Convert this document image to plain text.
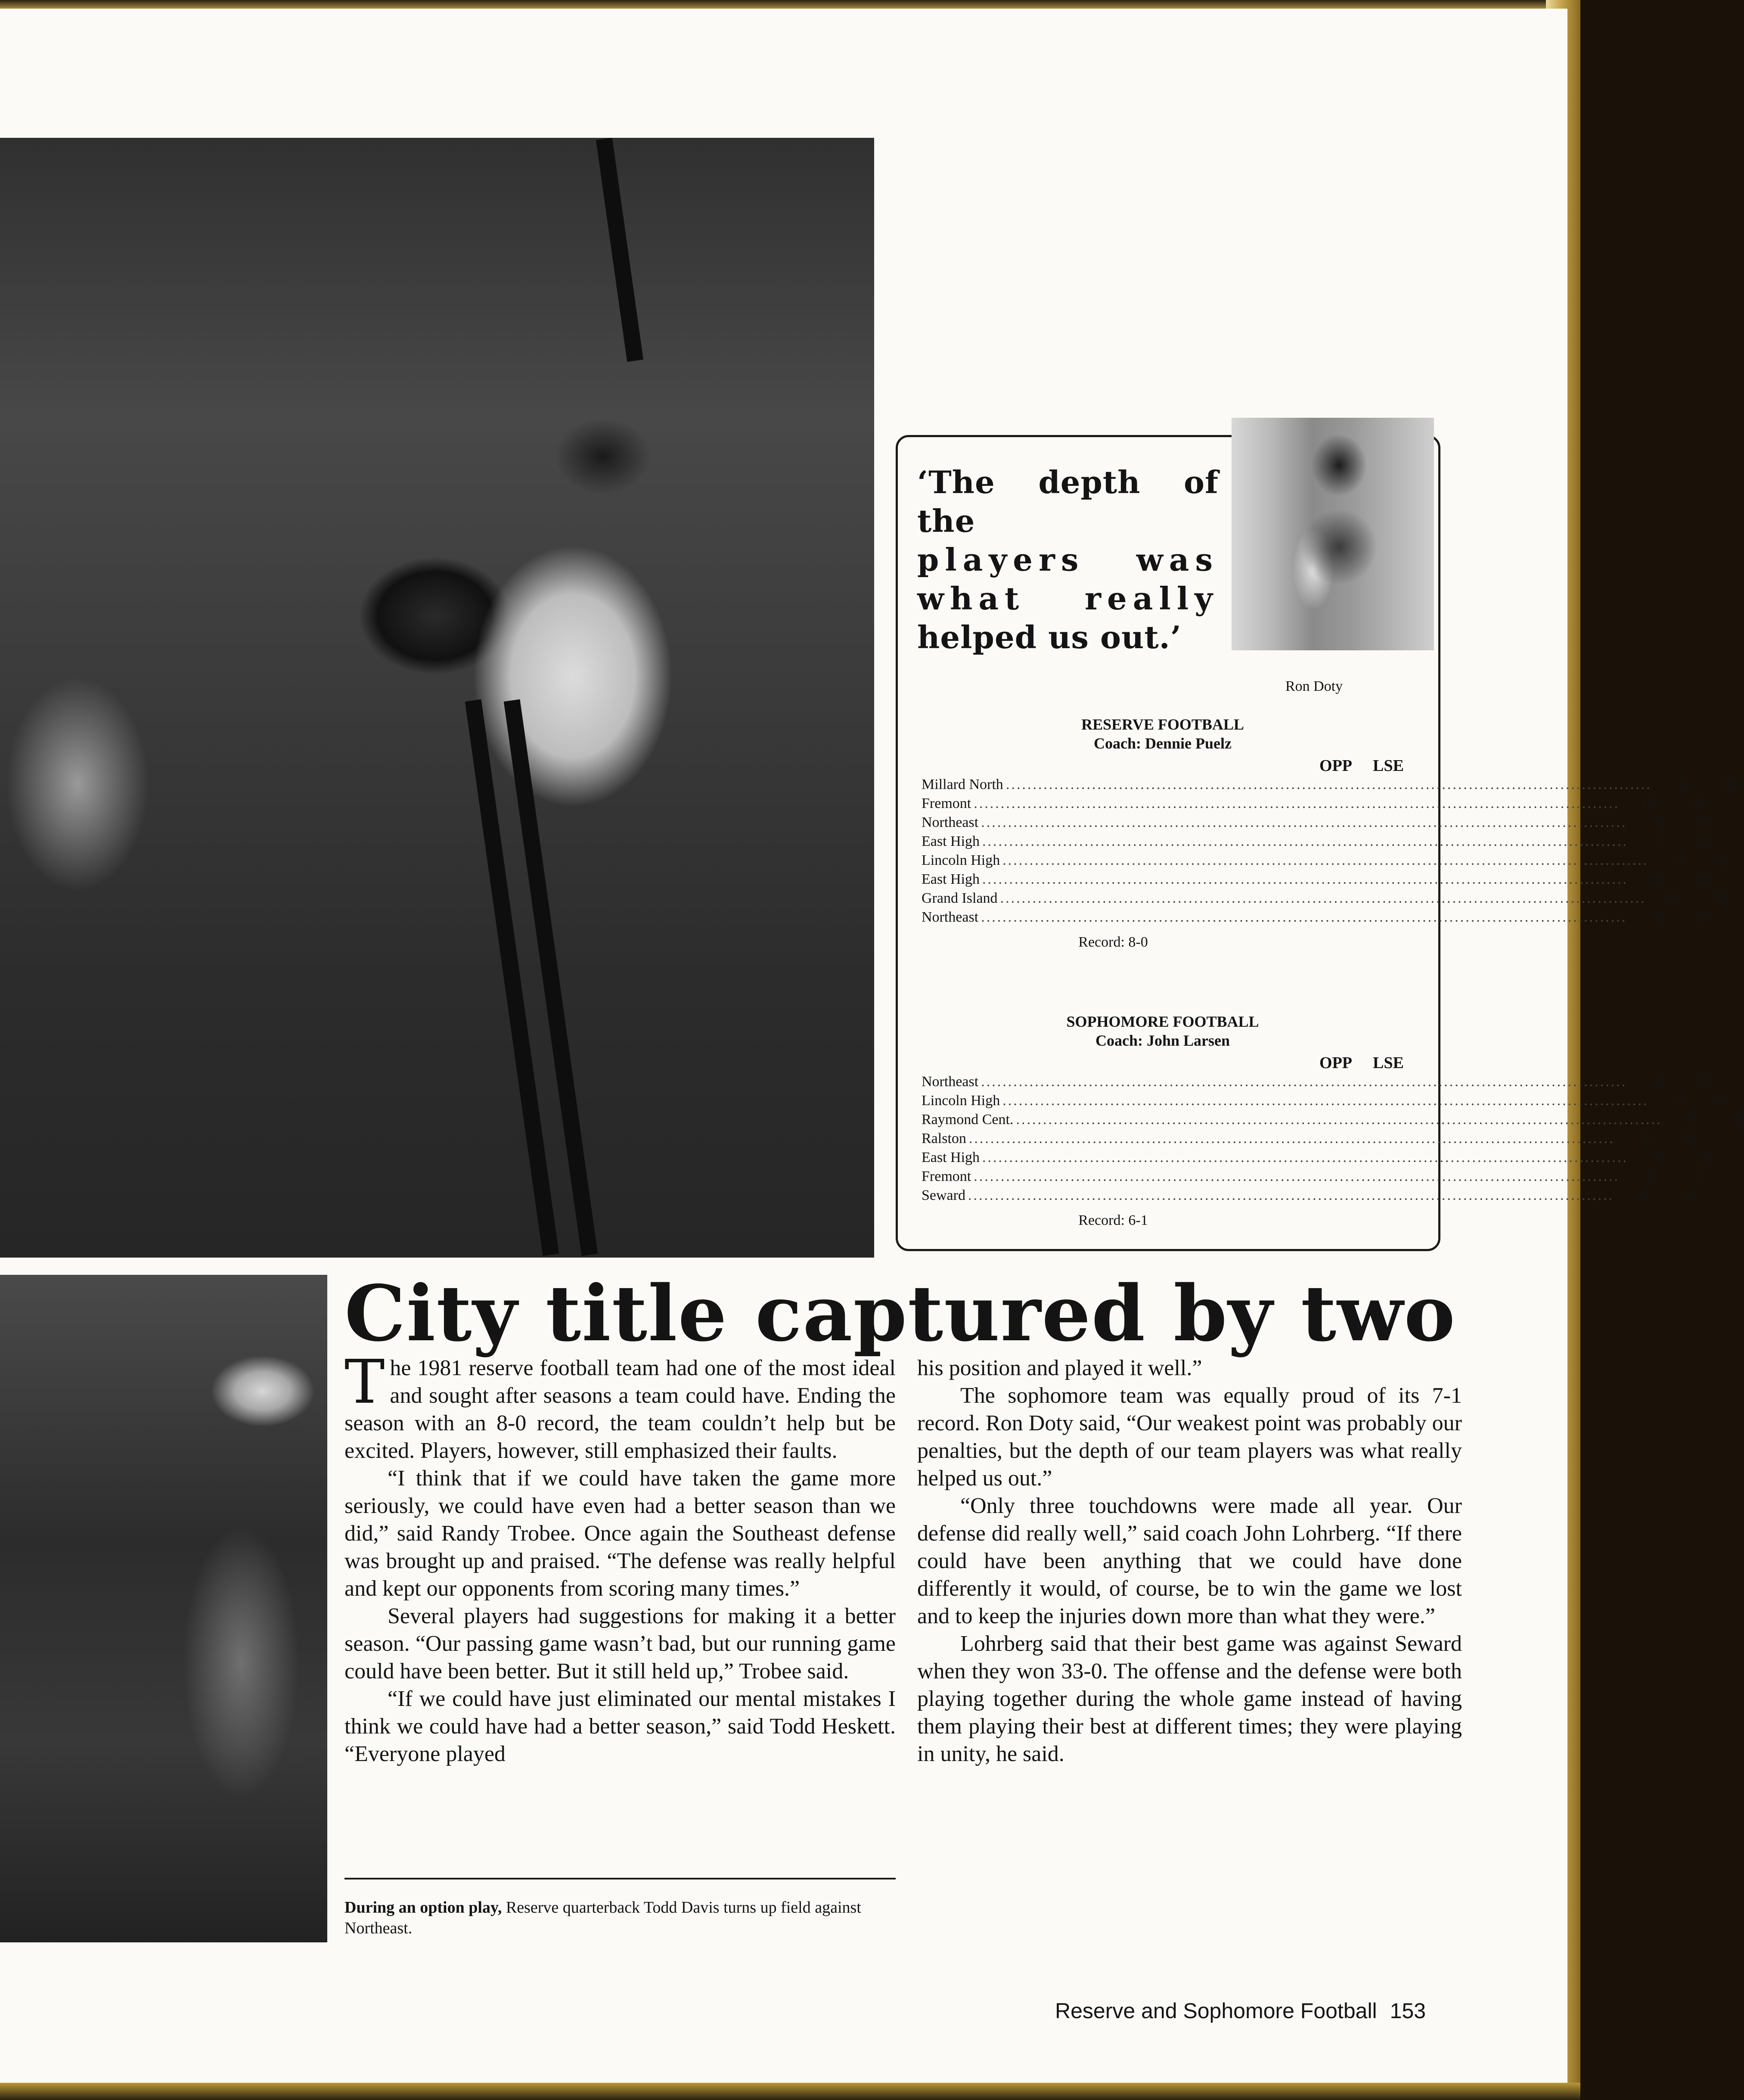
‘The depth of the
players was
what really
helped us out.’
Ron Doty
RESERVE FOOTBALL
Coach: Dennie Puelz
OPP	LSE
Millard North ........................................................................................................................	6	28
Fremont ........................................................................................................................	10	13
Northeast ........................................................................................................................	0	40
East High ........................................................................................................................	7	21
Lincoln High ........................................................................................................................	0	21
East High ........................................................................................................................	13	21
Grand Island ........................................................................................................................	12	28
Northeast ........................................................................................................................	0	27
Record: 8-0
SOPHOMORE FOOTBALL
Coach: John Larsen
OPP	LSE
Northeast ........................................................................................................................	0	33
Lincoln High ........................................................................................................................	0	27
Raymond Cent. ........................................................................................................................	8	0
Ralston ........................................................................................................................	6	34
East High ........................................................................................................................	6	13
Fremont ........................................................................................................................	0	7
Seward ........................................................................................................................	0	33
Record: 6-1
City title captured by two

The 1981 reserve football team had one of the most ideal and sought after seasons a team could have. Ending the season with an 8-0 record, the team couldn’t help but be excited. Players, however, still emphasized their faults.

“I think that if we could have taken the game more seriously, we could have even had a better season than we did,” said Randy Trobee. Once again the Southeast defense was brought up and praised. “The defense was really helpful and kept our opponents from scoring many times.”

Several players had suggestions for making it a better season. “Our passing game wasn’t bad, but our running game could have been better. But it still held up,” Trobee said.

“If we could have just eliminated our mental mistakes I think we could have had a better season,” said Todd Heskett. “Everyone played

his position and played it well.”

The sophomore team was equally proud of its 7-1 record. Ron Doty said, “Our weakest point was probably our penalties, but the depth of our team players was what really helped us out.”

“Only three touchdowns were made all year. Our defense did really well,” said coach John Lohrberg. “If there could have been anything that we could have done differently it would, of course, be to win the game we lost and to keep the injuries down more than what they were.”

Lohrberg said that their best game was against Seward when they won 33-0. The offense and the defense were both playing together during the whole game instead of having them playing their best at different times; they were playing in unity, he said.

During an option play, Reserve quarterback Todd Davis turns up field against Northeast.
Reserve and Sophomore Football 153
